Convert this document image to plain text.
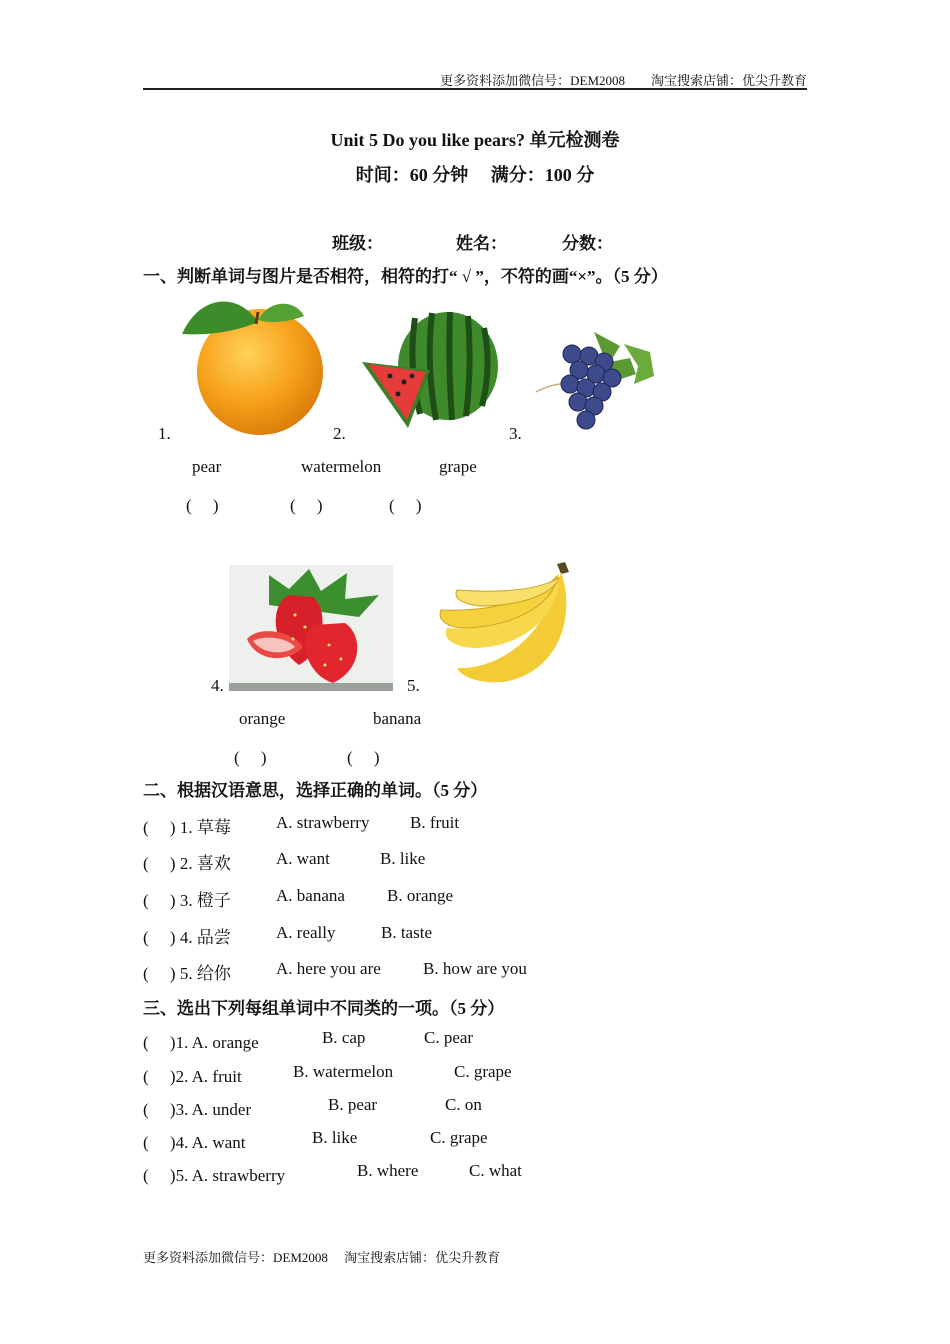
更多资料添加微信号：DEM2008　　淘宝搜索店铺：优尖升教育
Unit 5 Do you like pears? 单元检测卷
时间：60 分钟　 满分：100 分
班级：	姓名：	分数：
一、判断单词与图片是否相符，相符的打“ √ ”，不符的画“×”。（5 分）
1.	2.	3.
pear	watermelon	grape
(　 )	(　 )	(　 )
4.	5.
orange	banana
(　 )	(　 )
二、根据汉语意思，选择正确的单词。（5 分）
(　 ) 1. 草莓	A. strawberry B. fruit
(　 ) 2. 喜欢	A. want	B. like
(　 ) 3. 橙子	A. banana B. orange
(　 ) 4. 品尝	A. really	B. taste
(　 ) 5. 给你	A. here you are B. how are you
三、选出下列每组单词中不同类的一项。（5 分）
(　 )1. A. orange	B. cap	C. pear
(　 )2. A. fruit	B. watermelon	C. grape
(　 )3. A. under	B. pear	C. on
(　 )4. A. want	B. like	C. grape
(　 )5. A. strawberry	B. where	C. what
更多资料添加微信号：DEM2008　 淘宝搜索店铺：优尖升教育
